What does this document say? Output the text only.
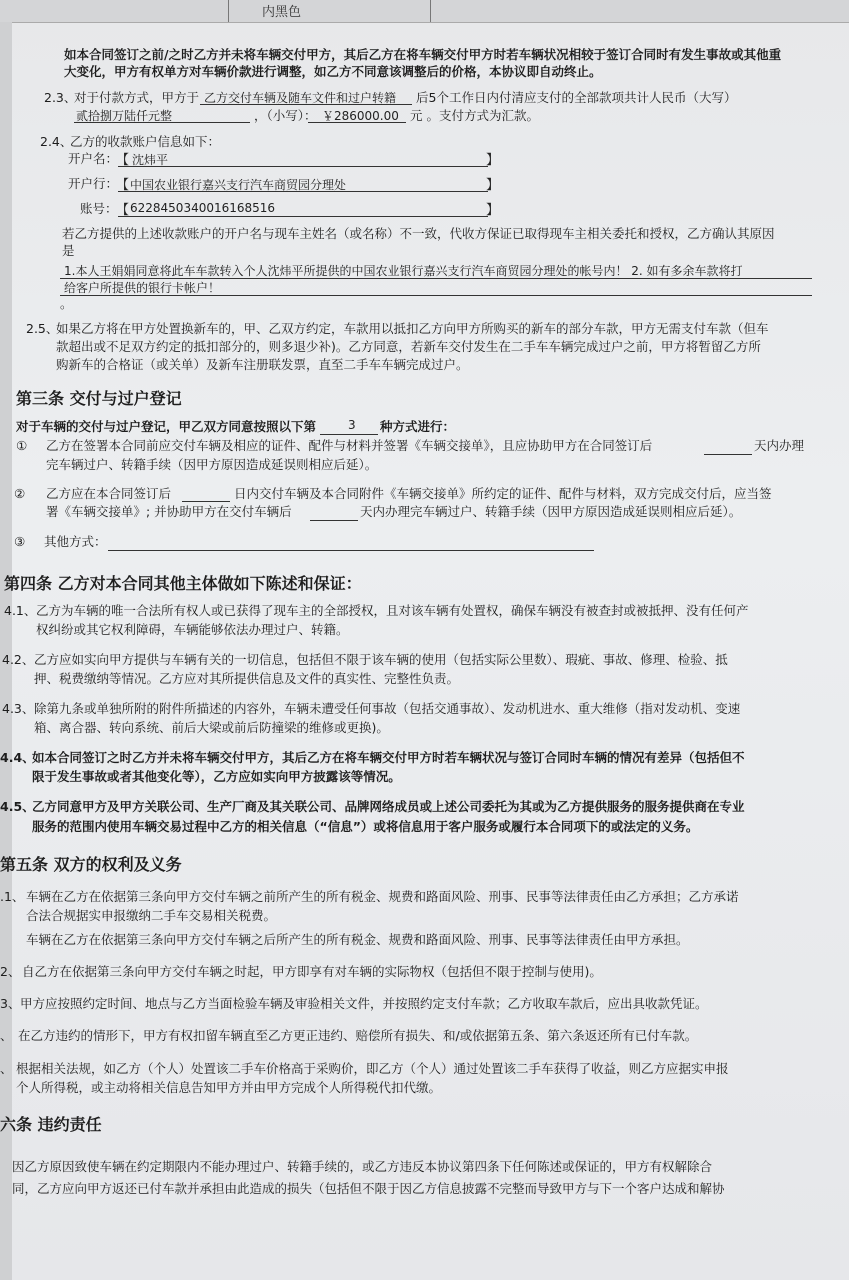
内黑色
如本合同签订之前/之时乙方并未将车辆交付甲方，其后乙方在将车辆交付甲方时若车辆状况相较于签订合同时有发生事故或其他重
大变化，甲方有权单方对车辆价款进行调整，如乙方不同意该调整后的价格，本协议即自动终止。
2.3、
对于付款方式，甲方于 乙方交付车辆及随车文件和过户转籍 后5个工作日内付清应支付的全部款项共计人民币（大写）
贰拾捌万陆仟元整	，（小写）： ￥286000.00 元 。支付方式为汇款。
2.4、
乙方的收款账户信息如下：
开户名：
【 沈炜平	】
开户行：
【 中国农业银行嘉兴支行汽车商贸园分理处	】
账号：
【 6228450340016168516	】
若乙方提供的上述收款账户的开户名与现车主姓名（或名称）不一致，代收方保证已取得现车主相关委托和授权，乙方确认其原因
是
1.本人王娟娟同意将此车车款转入个人沈炜平所提供的中国农业银行嘉兴支行汽车商贸园分理处的帐号内！ 2. 如有多余车款将打
给客户所提供的银行卡帐户！
。
2.5、
如果乙方将在甲方处置换新车的，甲、乙双方约定，车款用以抵扣乙方向甲方所购买的新车的部分车款，甲方无需支付车款（但车
款超出或不足双方约定的抵扣部分的，则多退少补)。乙方同意，若新车交付发生在二手车车辆完成过户之前，甲方将暂留乙方所
购新车的合格证（或关单）及新车注册联发票，直至二手车车辆完成过户。
第三条 交付与过户登记
对于车辆的交付与过户登记，甲乙双方同意按照以下第	3 种方式进行：
① 乙方在签署本合同前应交付车辆及相应的证件、配件与材料并签署《车辆交接单》，且应协助甲方在合同签订后	天内办理
完车辆过户、转籍手续（因甲方原因造成延误则相应后延）。
② 乙方应在本合同签订后	日内交付车辆及本合同附件《车辆交接单》所约定的证件、配件与材料，双方完成交付后，应当签
署《车辆交接单》; 并协助甲方在交付车辆后	天内办理完车辆过户、转籍手续（因甲方原因造成延误则相应后延）。
③ 其他方式：
第四条 乙方对本合同其他主体做如下陈述和保证：
4.1、 乙方为车辆的唯一合法所有权人或已获得了现车主的全部授权，且对该车辆有处置权，确保车辆没有被查封或被抵押、没有任何产
权纠纷或其它权利障碍，车辆能够依法办理过户、转籍。
4.2、 乙方应如实向甲方提供与车辆有关的一切信息，包括但不限于该车辆的使用（包括实际公里数）、瑕疵、事故、修理、检验、抵
押、税费缴纳等情况。乙方应对其所提供信息及文件的真实性、完整性负责。
4.3、 除第九条或单独所附的附件所描述的内容外，车辆未遭受任何事故（包括交通事故）、发动机进水、重大维修（指对发动机、变速
箱、离合器、转向系统、前后大梁或前后防撞梁的维修或更换)。
4.4、
如本合同签订之时乙方并未将车辆交付甲方，其后乙方在将车辆交付甲方时若车辆状况与签订合同时车辆的情况有差异（包括但不
限于发生事故或者其他变化等），乙方应如实向甲方披露该等情况。
4.5、
乙方同意甲方及甲方关联公司、生产厂商及其关联公司、品牌网络成员或上述公司委托为其或为乙方提供服务的服务提供商在专业
服务的范围内使用车辆交易过程中乙方的相关信息（“信息”）或将信息用于客户服务或履行本合同项下的或法定的义务。
第五条 双方的权利及义务
.1、 车辆在乙方在依据第三条向甲方交付车辆之前所产生的所有税金、规费和路面风险、刑事、民事等法律责任由乙方承担；乙方承诺
合法合规据实申报缴纳二手车交易相关税费。
车辆在乙方在依据第三条向甲方交付车辆之后所产生的所有税金、规费和路面风险、刑事、民事等法律责任由甲方承担。
2、 自乙方在依据第三条向甲方交付车辆之时起，甲方即享有对车辆的实际物权（包括但不限于控制与使用)。
3、 甲方应按照约定时间、地点与乙方当面检验车辆及审验相关文件，并按照约定支付车款；乙方收取车款后，应出具收款凭证。
、 在乙方违约的情形下，甲方有权扣留车辆直至乙方更正违约、赔偿所有损失、和/或依据第五条、第六条返还所有已付车款。
、 根据相关法规，如乙方（个人）处置该二手车价格高于采购价，即乙方（个人）通过处置该二手车获得了收益，则乙方应据实申报
个人所得税，或主动将相关信息告知甲方并由甲方完成个人所得税代扣代缴。
六条 违约责任
因乙方原因致使车辆在约定期限内不能办理过户、转籍手续的，或乙方违反本协议第四条下任何陈述或保证的，甲方有权解除合
同，乙方应向甲方返还已付车款并承担由此造成的损失（包括但不限于因乙方信息披露不完整而导致甲方与下一个客户达成和解协
